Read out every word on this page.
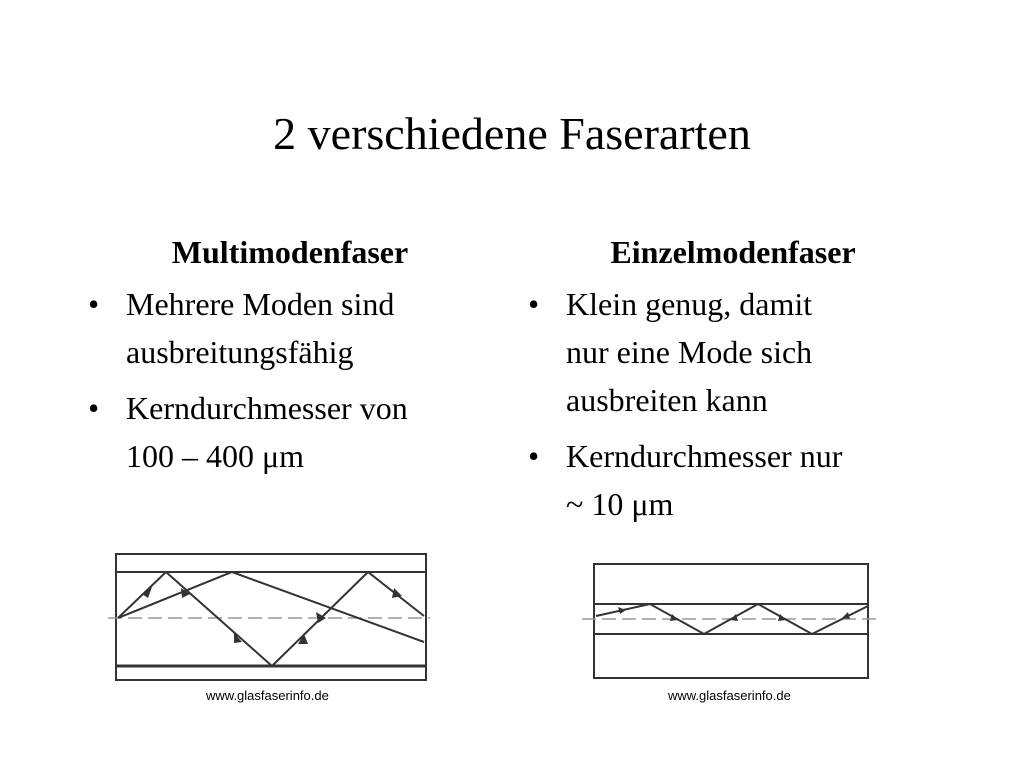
2 verschiedene Faserarten
Multimodenfaser
• Mehrere Moden sind
ausbreitungsfähig
• Kerndurchmesser von
100 – 400 μm
Einzelmodenfaser
• Klein genug, damit
nur eine Mode sich
ausbreiten kann
• Kerndurchmesser nur
~ 10 μm
www.glasfaserinfo.de	www.glasfaserinfo.de
